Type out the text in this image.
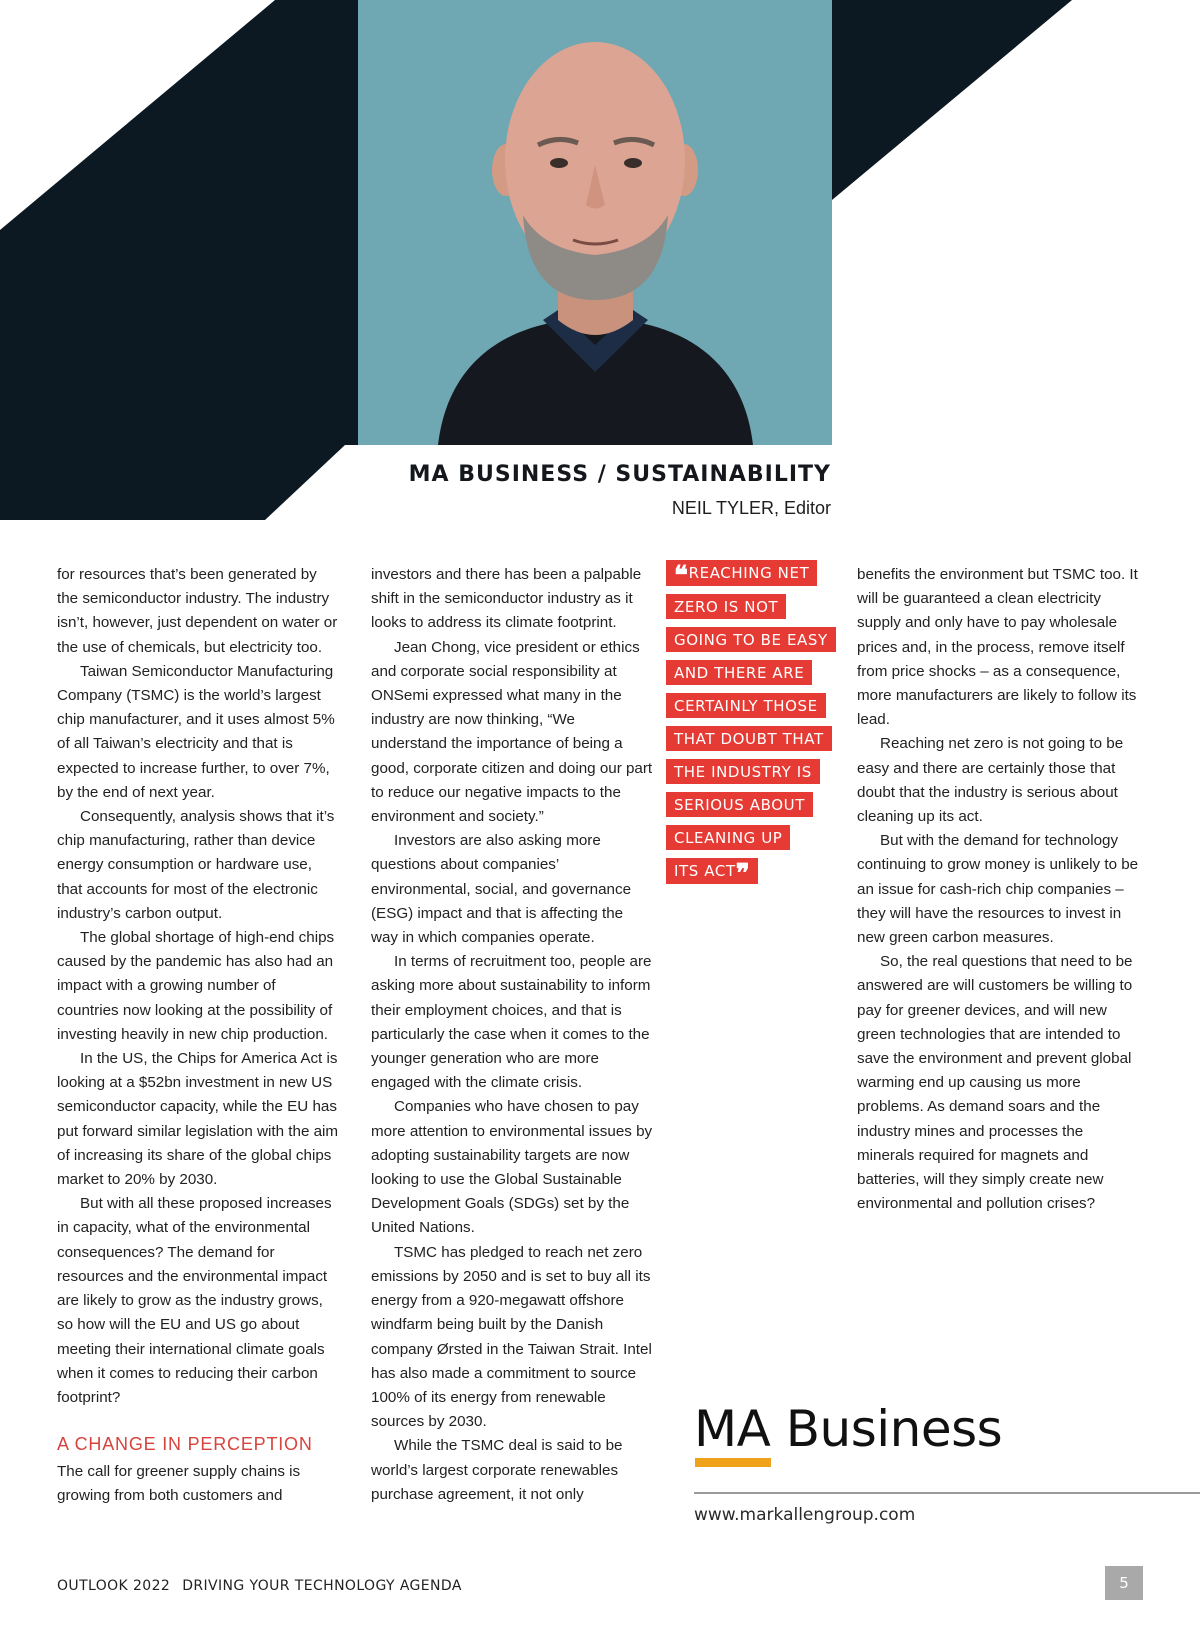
MA BUSINESS / SUSTAINABILITY
NEIL TYLER, Editor

for resources that’s been generated by the semiconductor industry. The industry isn’t, however, just dependent on water or the use of chemicals, but electricity too.

Taiwan Semiconductor Manufacturing Company (TSMC) is the world’s largest chip manufacturer, and it uses almost 5% of all Taiwan’s electricity and that is expected to increase further, to over 7%, by the end of next year.

Consequently, analysis shows that it’s chip manufacturing, rather than device energy consumption or hardware use, that accounts for most of the electronic industry’s carbon output.

The global shortage of high-end chips caused by the pandemic has also had an impact with a growing number of countries now looking at the possibility of investing heavily in new chip production.

In the US, the Chips for America Act is looking at a $52bn investment in new US semiconductor capacity, while the EU has put forward similar legislation with the aim of increasing its share of the global chips market to 20% by 2030.

But with all these proposed increases in capacity, what of the environmental consequences? The demand for resources and the environmental impact are likely to grow as the industry grows, so how will the EU and US go about meeting their international climate goals when it comes to reducing their carbon footprint?

A CHANGE IN PERCEPTION

The call for greener supply chains is growing from both customers and

investors and there has been a palpable shift in the semiconductor industry as it looks to address its climate footprint.

Jean Chong, vice president or ethics and corporate social responsibility at ONSemi expressed what many in the industry are now thinking, “We understand the importance of being a good, corporate citizen and doing our part to reduce our negative impacts to the environment and society.”

Investors are also asking more questions about companies’ environmental, social, and governance (ESG) impact and that is affecting the way in which companies operate.

In terms of recruitment too, people are asking more about sustainability to inform their employment choices, and that is particularly the case when it comes to the younger generation who are more engaged with the climate crisis.

Companies who have chosen to pay more attention to environmental issues by adopting sustainability targets are now looking to use the Global Sustainable Development Goals (SDGs) set by the United Nations.

TSMC has pledged to reach net zero emissions by 2050 and is set to buy all its energy from a 920-megawatt offshore windfarm being built by the Danish company Ørsted in the Taiwan Strait. Intel has also made a commitment to source 100% of its energy from renewable sources by 2030.

While the TSMC deal is said to be world’s largest corporate renewables purchase agreement, it not only

❝REACHING NET
ZERO IS NOT
GOING TO BE EASY
AND THERE ARE
CERTAINLY THOSE
THAT DOUBT THAT
THE INDUSTRY IS
SERIOUS ABOUT
CLEANING UP
ITS ACT❞

benefits the environment but TSMC too. It will be guaranteed a clean electricity supply and only have to pay wholesale prices and, in the process, remove itself from price shocks – as a consequence, more manufacturers are likely to follow its lead.

Reaching net zero is not going to be easy and there are certainly those that doubt that the industry is serious about cleaning up its act.

But with the demand for technology continuing to grow money is unlikely to be an issue for cash-rich chip companies – they will have the resources to invest in new green carbon measures.

So, the real questions that need to be answered are will customers be willing to pay for greener devices, and will new green technologies that are intended to save the environment and prevent global warming end up causing us more problems. As demand soars and the industry mines and processes the minerals required for magnets and batteries, will they simply create new environmental and pollution crises?

MA Business
www.markallengroup.com
OUTLOOK 2022 DRIVING YOUR TECHNOLOGY AGENDA	5
